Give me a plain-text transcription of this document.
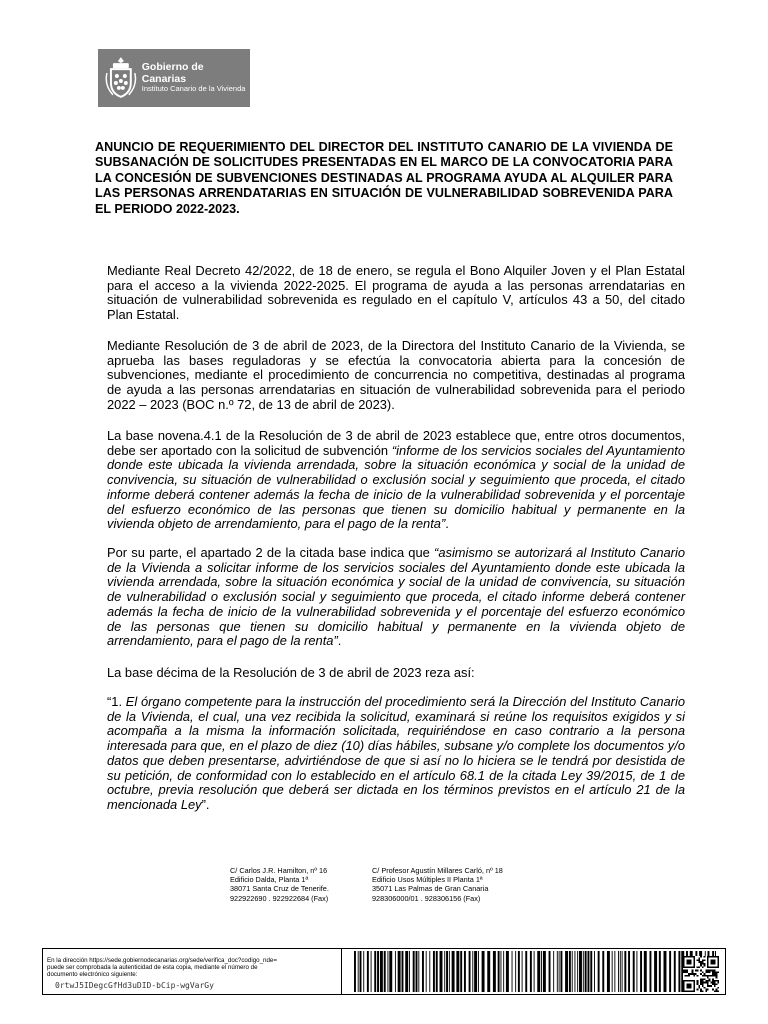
Gobierno de Canarias
Instituto Canario de la Vivienda

ANUNCIO DE REQUERIMIENTO DEL DIRECTOR DEL INSTITUTO CANARIO DE LA VIVIENDA DE SUBSANACIÓN DE SOLICITUDES PRESENTADAS EN EL MARCO DE LA CONVOCATORIA PARA LA CONCESIÓN DE SUBVENCIONES DESTINADAS AL PROGRAMA AYUDA AL ALQUILER PARA LAS PERSONAS ARRENDATARIAS EN SITUACIÓN DE VULNERABILIDAD SOBREVENIDA PARA EL PERIODO 2022-2023.

Mediante Real Decreto 42/2022, de 18 de enero, se regula el Bono Alquiler Joven y el Plan Estatal para el acceso a la vivienda 2022-2025. El programa de ayuda a las personas arrendatarias en situación de vulnerabilidad sobrevenida es regulado en el capítulo V, artículos 43 a 50, del citado Plan Estatal.

Mediante Resolución de 3 de abril de 2023, de la Directora del Instituto Canario de la Vivienda, se aprueba las bases reguladoras y se efectúa la convocatoria abierta para la concesión de subvenciones, mediante el procedimiento de concurrencia no competitiva, destinadas al programa de ayuda a las personas arrendatarias en situación de vulnerabilidad sobrevenida para el periodo 2022 – 2023 (BOC n.º 72, de 13 de abril de 2023).

La base novena.4.1 de la Resolución de 3 de abril de 2023 establece que, entre otros documentos, debe ser aportado con la solicitud de subvención “informe de los servicios sociales del Ayuntamiento donde este ubicada la vivienda arrendada, sobre la situación económica y social de la unidad de convivencia, su situación de vulnerabilidad o exclusión social y seguimiento que proceda, el citado informe deberá contener además la fecha de inicio de la vulnerabilidad sobrevenida y el porcentaje del esfuerzo económico de las personas que tienen su domicilio habitual y permanente en la vivienda objeto de arrendamiento, para el pago de la renta”.

Por su parte, el apartado 2 de la citada base indica que “asimismo se autorizará al Instituto Canario de la Vivienda a solicitar informe de los servicios sociales del Ayuntamiento donde este ubicada la vivienda arrendada, sobre la situación económica y social de la unidad de convivencia, su situación de vulnerabilidad o exclusión social y seguimiento que proceda, el citado informe deberá contener además la fecha de inicio de la vulnerabilidad sobrevenida y el porcentaje del esfuerzo económico de las personas que tienen su domicilio habitual y permanente en la vivienda objeto de arrendamiento, para el pago de la renta”.

La base décima de la Resolución de 3 de abril de 2023 reza así:

“1. El órgano competente para la instrucción del procedimiento será la Dirección del Instituto Canario de la Vivienda, el cual, una vez recibida la solicitud, examinará si reúne los requisitos exigidos y si acompaña a la misma la información solicitada, requiriéndose en caso contrario a la persona interesada para que, en el plazo de diez (10) días hábiles, subsane y/o complete los documentos y/o datos que deben presentarse, advirtiéndose de que si así no lo hiciera se le tendrá por desistida de su petición, de conformidad con lo establecido en el artículo 68.1 de la citada Ley 39/2015, de 1 de octubre, previa resolución que deberá ser dictada en los términos previstos en el artículo 21 de la mencionada Ley”.

C/ Carlos J.R. Hamilton, nº 16
Edificio Dalda, Planta 1ª
38071 Santa Cruz de Tenerife.
922922690 . 922922684 (Fax)
C/ Profesor Agustín Millares Carló, nº 18
Edificio Usos Múltiples II Planta 1ª
35071 Las Palmas de Gran Canaria
928306000/01 . 928306156 (Fax)
En la dirección https://sede.gobiernodecanarias.org/sede/verifica_doc?codigo_nde=
puede ser comprobada la autenticidad de esta copia, mediante el número de
documento electrónico siguiente:
0rtwJ5IDegcGfHd3uDID-bCip-wgVarGy
